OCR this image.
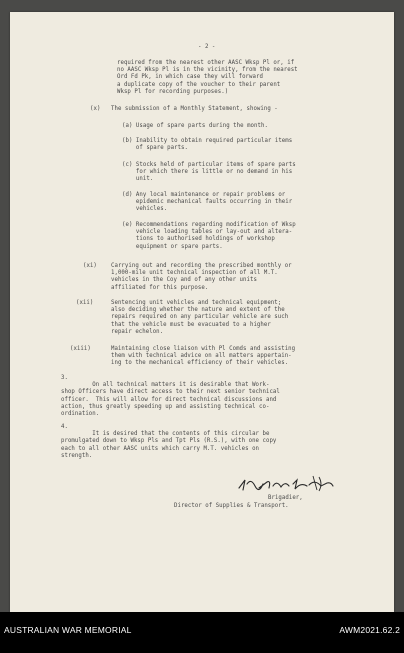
- 2 -
required from the nearest other AASC Wksp Pl or, if
no AASC Wksp Pl is in the vicinity, from the nearest
Ord Fd Pk, in which case they will forward
a duplicate copy of the voucher to their parent
Wksp Pl for recording purposes.)
(x) The submission of a Monthly Statement, showing -
(a) Usage of spare parts during the month.
(b) Inability to obtain required particular items
of spare parts.
(c) Stocks held of particular items of spare parts
for which there is little or no demand in his
unit.
(d) Any local maintenance or repair problems or
epidemic mechanical faults occurring in their
vehicles.
(e) Recommendations regarding modification of Wksp
vehicle loading tables or lay-out and altera-
tions to authorised holdings of workshop
equipment or spare parts.
(xi) Carrying out and recording the prescribed monthly or
1,000-mile unit technical inspection of all M.T.
vehicles in the Coy and of any other units
affiliated for this purpose.
(xii)	Sentencing unit vehicles and technical equipment;
also deciding whether the nature and extent of the
repairs required on any particular vehicle are such
that the vehicle must be evacuated to a higher
repair echelon.
(xiii)	Maintaining close liaison with Pl Comds and assisting
them with technical advice on all matters appertain-
ing to the mechanical efficiency of their vehicles.
3.
On all technical matters it is desirable that Work-
shop Officers have direct access to their next senior technical
officer.  This will allow for direct technical discussions and
action, thus greatly speeding up and assisting technical co-
ordination.
4.
It is desired that the contents of this circular be
promulgated down to Wksp Pls and Tpt Pls (R.S.), with one copy
each to all other AASC units which carry M.T. vehicles on
strength.
Brigadier,
Director of Supplies & Transport.
AUSTRALIAN WAR MEMORIAL	AWM2021.62.2
